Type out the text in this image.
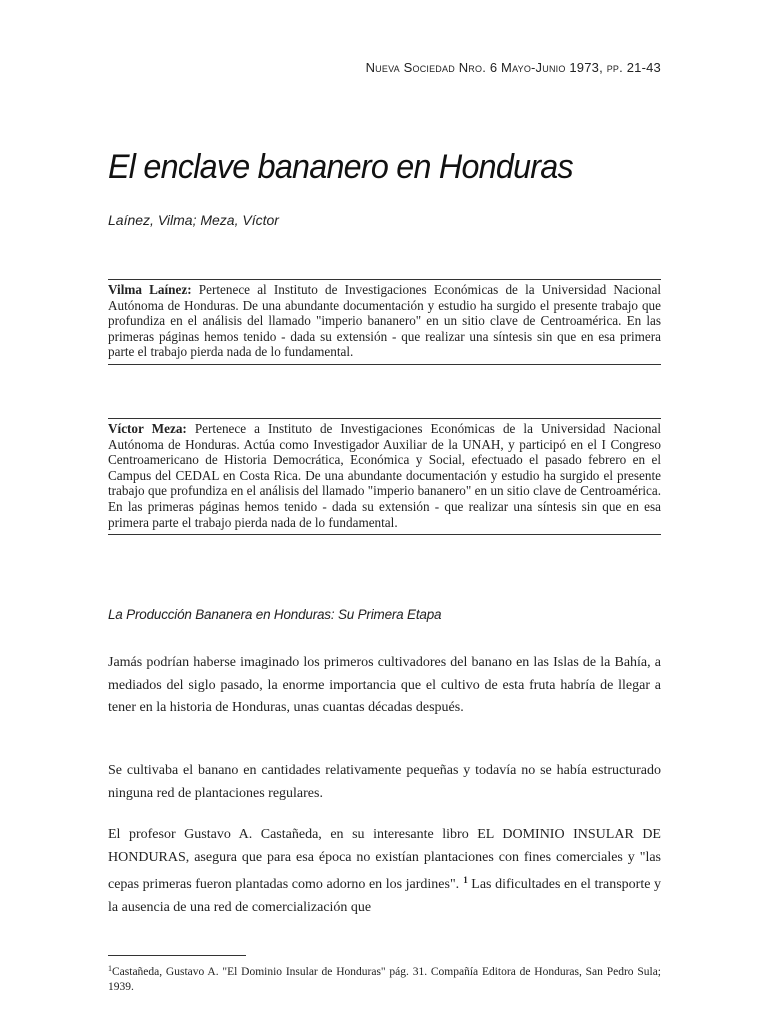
Nueva Sociedad Nro. 6 Mayo-Junio 1973, pp. 21-43
El enclave bananero en Honduras
Laínez, Vilma; Meza, Víctor
Vilma Laínez: Pertenece al Instituto de Investigaciones Económicas de la Universidad Nacional Autónoma de Honduras. De una abundante documentación y estudio ha surgido el presente trabajo que profundiza en el análisis del llamado "imperio bananero" en un sitio clave de Centroamérica. En las primeras páginas hemos tenido - dada su extensión - que realizar una síntesis sin que en esa primera parte el trabajo pierda nada de lo fundamental.
Víctor Meza: Pertenece a Instituto de Investigaciones Económicas de la Universidad Nacional Autónoma de Honduras. Actúa como Investigador Auxiliar de la UNAH, y participó en el I Congreso Centroamericano de Historia Democrática, Económica y Social, efectuado el pasado febrero en el Campus del CEDAL en Costa Rica. De una abundante documentación y estudio ha surgido el presente trabajo que profundiza en el análisis del llamado "imperio bananero" en un sitio clave de Centroamérica. En las primeras páginas hemos tenido - dada su extensión - que realizar una síntesis sin que en esa primera parte el trabajo pierda nada de lo fundamental.
La Producción Bananera en Honduras: Su Primera Etapa

Jamás podrían haberse imaginado los primeros cultivadores del banano en las Islas de la Bahía, a mediados del siglo pasado, la enorme importancia que el cultivo de esta fruta habría de llegar a tener en la historia de Honduras, unas cuantas décadas después.

Se cultivaba el banano en cantidades relativamente pequeñas y todavía no se había estructurado ninguna red de plantaciones regulares.

El profesor Gustavo A. Castañeda, en su interesante libro EL DOMINIO INSULAR DE HONDURAS, asegura que para esa época no existían plantaciones con fines comerciales y "las cepas primeras fueron plantadas como adorno en los jardines". $^1$ Las dificultades en el transporte y la ausencia de una red de comercialización que

$^1$Castañeda, Gustavo A. "El Dominio Insular de Honduras" pág. 31. Compañía Editora de Honduras, San Pedro Sula; 1939.
